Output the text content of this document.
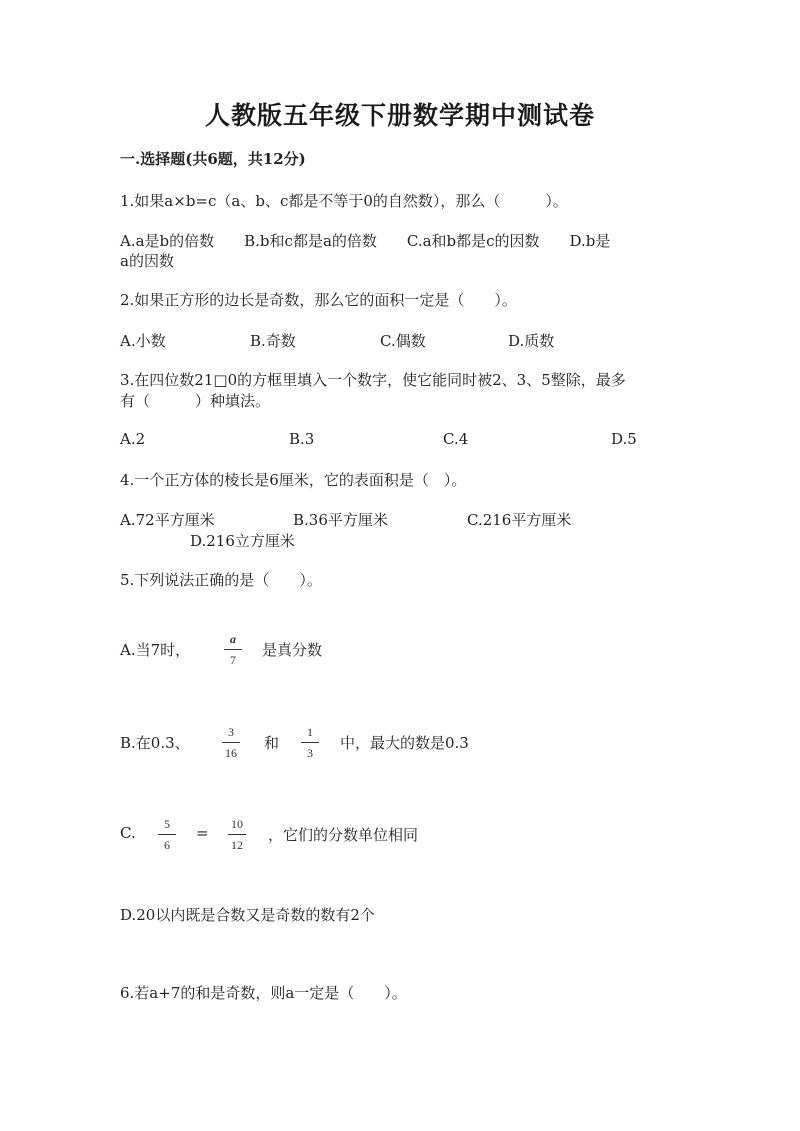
人教版五年级下册数学期中测试卷
一.选择题(共6题，共12分)
1.如果a×b=c（a、b、c都是不等于0的自然数），那么（　　　）。
A.a是b的倍数　　B.b和c都是a的倍数　　C.a和b都是c的因数　　D.b是
a的因数
2.如果正方形的边长是奇数，那么它的面积一定是（　　）。
A.小数	B.奇数	C.偶数	D.质数
3.在四位数21□0的方框里填入一个数字，使它能同时被2、3、5整除，最多
有（　　　）种填法。
A.2	B.3	C.4	D.5
4.一个正方体的棱长是6厘米，它的表面积是（　）。
A.72平方厘米	B.36平方厘米	C.216平方厘米
D.216立方厘米
5.下列说法正确的是（　　）。
A.当7时，
a
7
是真分数
B.在0.3、
3
16
和
1
3
中，最大的数是0.3
C.	5
6
=	10
12
，它们的分数单位相同
D.20以内既是合数又是奇数的数有2个
6.若a+7的和是奇数，则a一定是（　　）。
